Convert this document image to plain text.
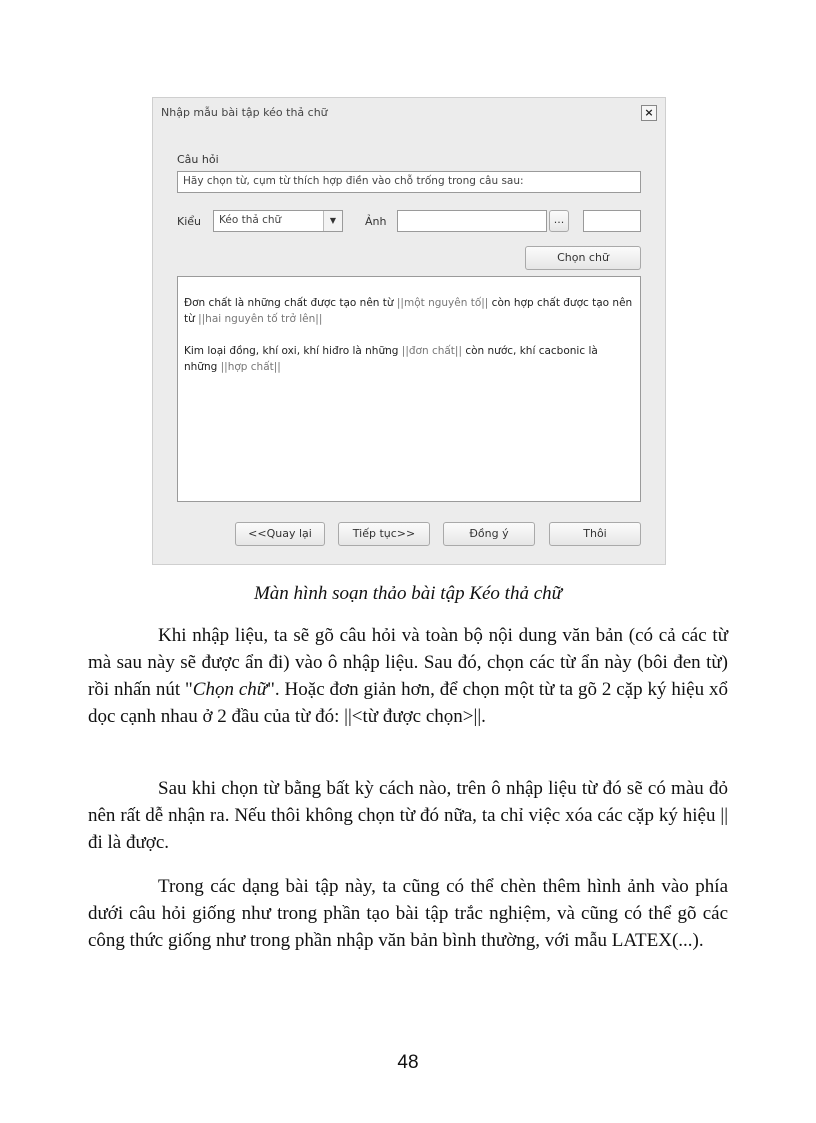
Nhập mẫu bài tập kéo thả chữ	×
Câu hỏi
Hãy chọn từ, cụm từ thích hợp điền vào chỗ trống trong câu sau:
Kiểu	Kéo thả chữ	▼	Ảnh	...
Chọn chữ

Đơn chất là những chất được tạo nên từ ||một nguyên tố|| còn hợp chất được tạo nên từ ||hai nguyên tố trở lên||

Kim loại đồng, khí oxi, khí hiđro là những ||đơn chất|| còn nước, khí cacbonic là những ||hợp chất||

<<Quay lại	Tiếp tục>>	Đồng ý	Thôi
Màn hình soạn thảo bài tập Kéo thả chữ
Khi nhập liệu, ta sẽ gõ câu hỏi và toàn bộ nội dung văn bản (có cả các từ mà sau này sẽ được ẩn đi) vào ô nhập liệu. Sau đó, chọn các từ ẩn này (bôi đen từ) rồi nhấn nút "Chọn chữ". Hoặc đơn giản hơn, để chọn một từ ta gõ 2 cặp ký hiệu xổ dọc cạnh nhau ở 2 đầu của từ đó: ||<từ được chọn>||.
Sau khi chọn từ bằng bất kỳ cách nào, trên ô nhập liệu từ đó sẽ có màu đỏ nên rất dễ nhận ra. Nếu thôi không chọn từ đó nữa, ta chỉ việc xóa các cặp ký hiệu || đi là được.
Trong các dạng bài tập này, ta cũng có thể chèn thêm hình ảnh vào phía dưới câu hỏi giống như trong phần tạo bài tập trắc nghiệm, và cũng có thể gõ các công thức giống như trong phần nhập văn bản bình thường, với mẫu LATEX(...).
48
